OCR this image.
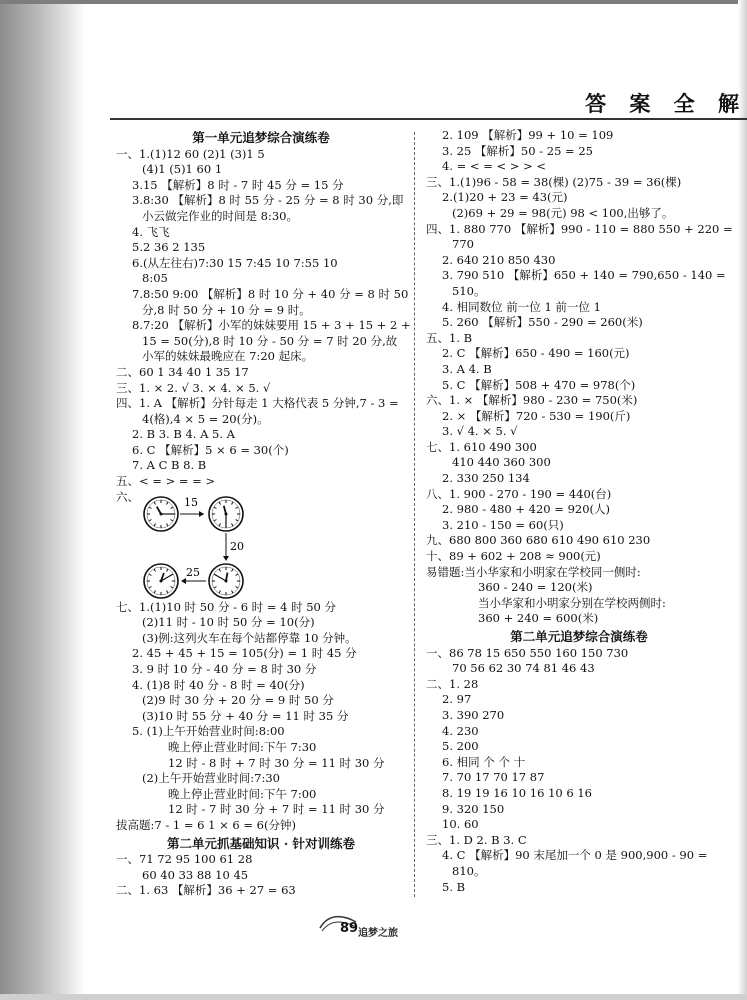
答 案 全 解
第一单元追梦综合演练卷
一、1.(1)12 60 (2)1 (3)1 5
(4)1 (5)1 60 1
3.15 【解析】8 时 - 7 时 45 分 = 15 分
3.8:30 【解析】8 时 55 分 - 25 分 = 8 时 30 分,即
小云做完作业的时间是 8:30。
4. 飞飞
5.2 36 2 135
6.(从左往右)7:30 15 7:45 10 7:55 10
8:05
7.8:50 9:00 【解析】8 时 10 分 + 40 分 = 8 时 50
分,8 时 50 分 + 10 分 = 9 时。
8.7:20 【解析】小军的妹妹要用 15 + 3 + 15 + 2 +
15 = 50(分),8 时 10 分 - 50 分 = 7 时 20 分,故
小军的妹妹最晚应在 7:20 起床。
二、60 1 34 40 1 35 17
三、1. × 2. √ 3. × 4. × 5. √
四、1. A 【解析】分针每走 1 大格代表 5 分钟,7 - 3 =
4(格),4 × 5 = 20(分)。
2. B 3. B 4. A 5. A
6. C 【解析】5 × 6 = 30(个)
7. A C B 8. B
五、< = > = = >
六、	15
20
25
七、1.(1)10 时 50 分 - 6 时 = 4 时 50 分
(2)11 时 - 10 时 50 分 = 10(分)
(3)例:这列火车在每个站都停靠 10 分钟。
2. 45 + 45 + 15 = 105(分) = 1 时 45 分
3. 9 时 10 分 - 40 分 = 8 时 30 分
4. (1)8 时 40 分 - 8 时 = 40(分)
(2)9 时 30 分 + 20 分 = 9 时 50 分
(3)10 时 55 分 + 40 分 = 11 时 35 分
5. (1)上午开始营业时间:8:00
晚上停止营业时间:下午 7:30
12 时 - 8 时 + 7 时 30 分 = 11 时 30 分
(2)上午开始营业时间:7:30
晚上停止营业时间:下午 7:00
12 时 - 7 时 30 分 + 7 时 = 11 时 30 分
拔高题:7 - 1 = 6 1 × 6 = 6(分钟)
第二单元抓基础知识 · 针对训练卷
一、71 72 95 100 61 28
60 40 33 88 10 45
二、1. 63 【解析】36 + 27 = 63
2. 109 【解析】99 + 10 = 109
3. 25 【解析】50 - 25 = 25
4. = < = < > > <
三、1.(1)96 - 58 = 38(棵) (2)75 - 39 = 36(棵)
2.(1)20 + 23 = 43(元)
(2)69 + 29 = 98(元) 98 < 100,出够了。
四、1. 880 770 【解析】990 - 110 = 880 550 + 220 =
770
2. 640 210 850 430
3. 790 510 【解析】650 + 140 = 790,650 - 140 =
510。
4. 相同数位 前一位 1 前一位 1
5. 260 【解析】550 - 290 = 260(米)
五、1. B
2. C 【解析】650 - 490 = 160(元)
3. A 4. B
5. C 【解析】508 + 470 = 978(个)
六、1. × 【解析】980 - 230 = 750(米)
2. × 【解析】720 - 530 = 190(斤)
3. √ 4. × 5. √
七、1. 610 490 300
410 440 360 300
2. 330 250 134
八、1. 900 - 270 - 190 = 440(台)
2. 980 - 480 + 420 = 920(人)
3. 210 - 150 = 60(只)
九、680 800 360 680 610 490 610 230
十、89 + 602 + 208 ≈ 900(元)
易错题:当小华家和小明家在学校同一侧时:
360 - 240 = 120(米)
当小华家和小明家分别在学校两侧时:
360 + 240 = 600(米)
第二单元追梦综合演练卷
一、86 78 15 650 550 160 150 730
70 56 62 30 74 81 46 43
二、1. 28
2. 97
3. 390 270
4. 230
5. 200
6. 相同 个 个 十
7. 70 17 70 17 87
8. 19 19 16 10 16 10 6 16
9. 320 150
10. 60
三、1. D 2. B 3. C
4. C 【解析】90 末尾加一个 0 是 900,900 - 90 =
810。
5. B
89 追梦之旅
